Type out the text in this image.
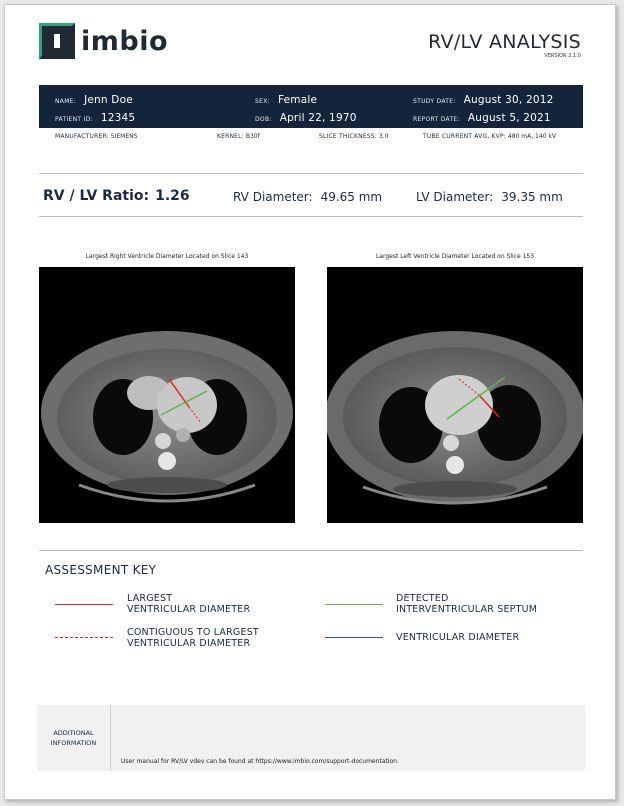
imbio	RV/LV ANALYSIS
VERSION 2.1.0
NAME: Jenn Doe
PATIENT ID: 12345
SEX: Female
DOB: April 22, 1970
STUDY DATE: August 30, 2012
REPORT DATE: August 5, 2021
MANUFACTURER: SIEMENS	KERNEL: B30f	SLICE THICKNESS: 3.0	TUBE CURRENT AVG, KVP: 480 mA, 140 kV
RV / LV Ratio: 1.26	RV Diameter: 49.65 mm	LV Diameter: 39.35 mm
Largest Right Ventricle Diameter Located on Slice 143	Largest Left Ventricle Diameter Located on Slice 153
ASSESSMENT KEY
LARGEST
VENTRICULAR DIAMETER
CONTIGUOUS TO LARGEST
VENTRICULAR DIAMETER
DETECTED
INTERVENTRICULAR SEPTUM
VENTRICULAR DIAMETER
ADDITIONAL
INFORMATION
User manual for RV/LV vdev can be found at https://www.imbio.com/support-documentation.
